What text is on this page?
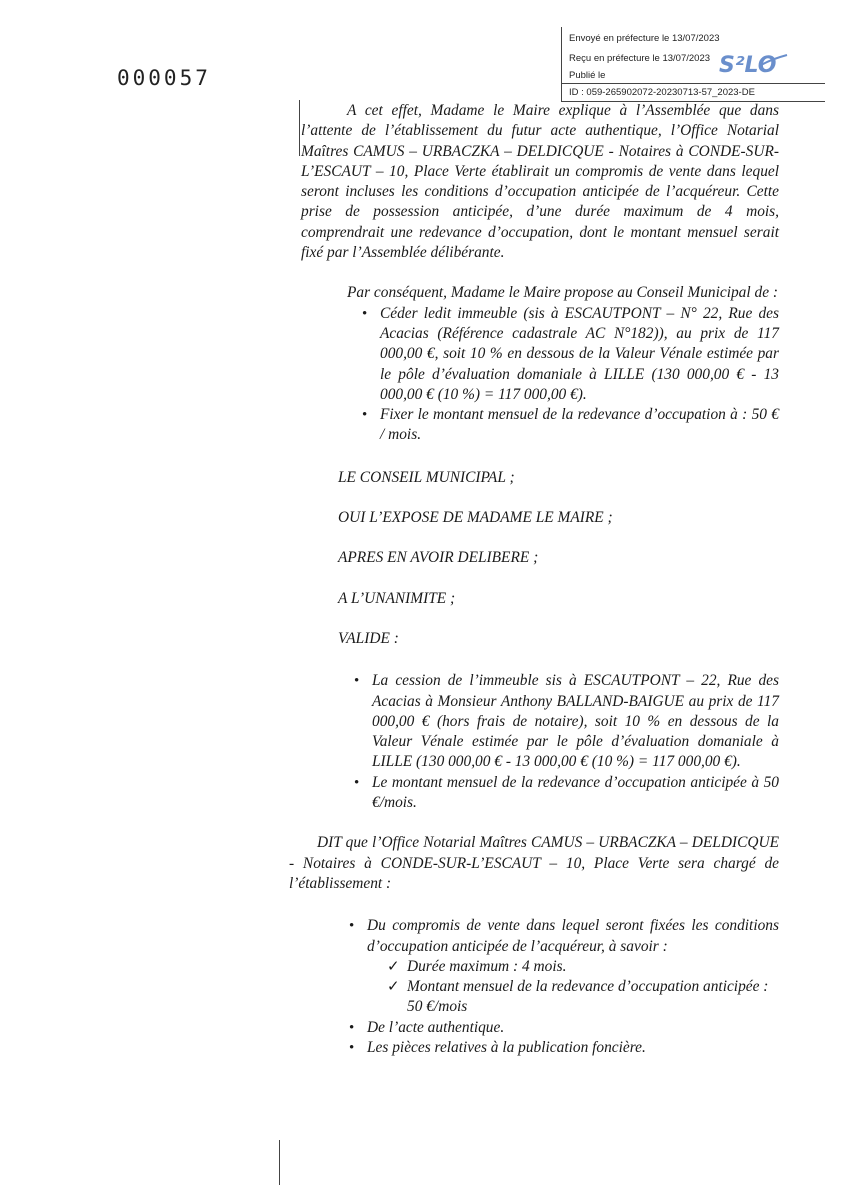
000057
Envoyé en préfecture le 13/07/2023
Reçu en préfecture le 13/07/2023
Publié le
ID : 059-265902072-20230713-57_2023-DE
S²LO

A cet effet, Madame le Maire explique à l’Assemblée que dans l’attente de l’établissement du futur acte authentique, l’Office Notarial Maîtres CAMUS – URBACZKA – DELDICQUE - Notaires à CONDE-SUR-L’ESCAUT – 10, Place Verte établirait un compromis de vente dans lequel seront incluses les conditions d’occupation anticipée de l’acquéreur. Cette prise de possession anticipée, d’une durée maximum de 4 mois, comprendrait une redevance d’occupation, dont le montant mensuel serait fixé par l’Assemblée délibérante.

Par conséquent, Madame le Maire propose au Conseil Municipal de :

• Céder ledit immeuble (sis à ESCAUTPONT – N° 22, Rue des Acacias (Référence cadastrale AC N°182)), au prix de 117 000,00 €, soit 10 % en dessous de la Valeur Vénale estimée par le pôle d’évaluation domaniale à LILLE (130 000,00 € - 13 000,00 € (10 %) = 117 000,00 €).
• Fixer le montant mensuel de la redevance d’occupation à : 50 € / mois.

LE CONSEIL MUNICIPAL ;

OUI L’EXPOSE DE MADAME LE MAIRE ;

APRES EN AVOIR DELIBERE ;

A L’UNANIMITE ;

VALIDE :

• La cession de l’immeuble sis à ESCAUTPONT – 22, Rue des Acacias à Monsieur Anthony BALLAND-BAIGUE au prix de 117 000,00 € (hors frais de notaire), soit 10 % en dessous de la Valeur Vénale estimée par le pôle d’évaluation domaniale à LILLE (130 000,00 € - 13 000,00 € (10 %) = 117 000,00 €).
• Le montant mensuel de la redevance d’occupation anticipée à 50 €/mois.

DIT que l’Office Notarial Maîtres CAMUS – URBACZKA – DELDICQUE - Notaires à CONDE-SUR-L’ESCAUT – 10, Place Verte sera chargé de l’établissement :

• Du compromis de vente dans lequel seront fixées les conditions d’occupation anticipée de l’acquéreur, à savoir :
✓ Durée maximum : 4 mois.
✓ Montant mensuel de la redevance d’occupation anticipée : 50 €/mois
• De l’acte authentique.
• Les pièces relatives à la publication foncière.
